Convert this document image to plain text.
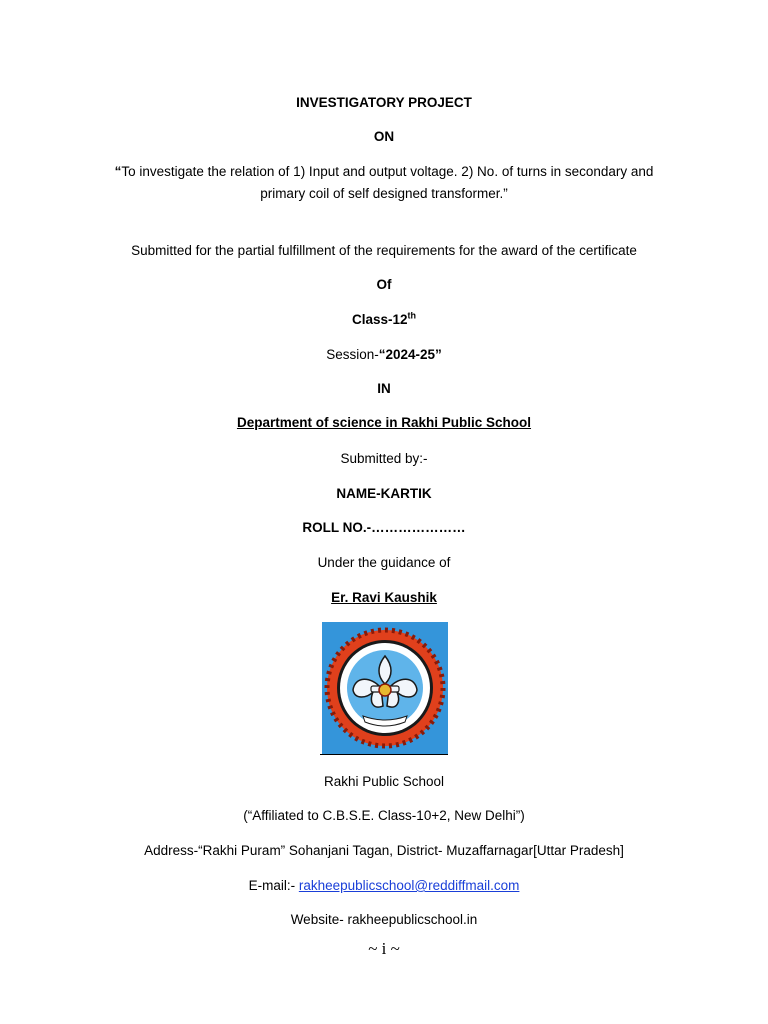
INVESTIGATORY PROJECT
ON
“To investigate the relation of 1) Input and output voltage. 2) No. of turns in secondary and
primary coil of self designed transformer.”
Submitted for the partial fulfillment of the requirements for the award of the certificate
Of
Class-12th
Session-“2024-25”
IN
Department of science in Rakhi Public School
Submitted by:-
NAME-KARTIK
ROLL NO.-…………………
Under the guidance of
Er. Ravi Kaushik
Rakhi Public School
(“Affiliated to C.B.S.E. Class-10+2, New Delhi”)
Address-“Rakhi Puram” Sohanjani Tagan, District- Muzaffarnagar[Uttar Pradesh]
E-mail:- rakheepublicschool@reddiffmail.com
Website- rakheepublicschool.in
~ i ~
